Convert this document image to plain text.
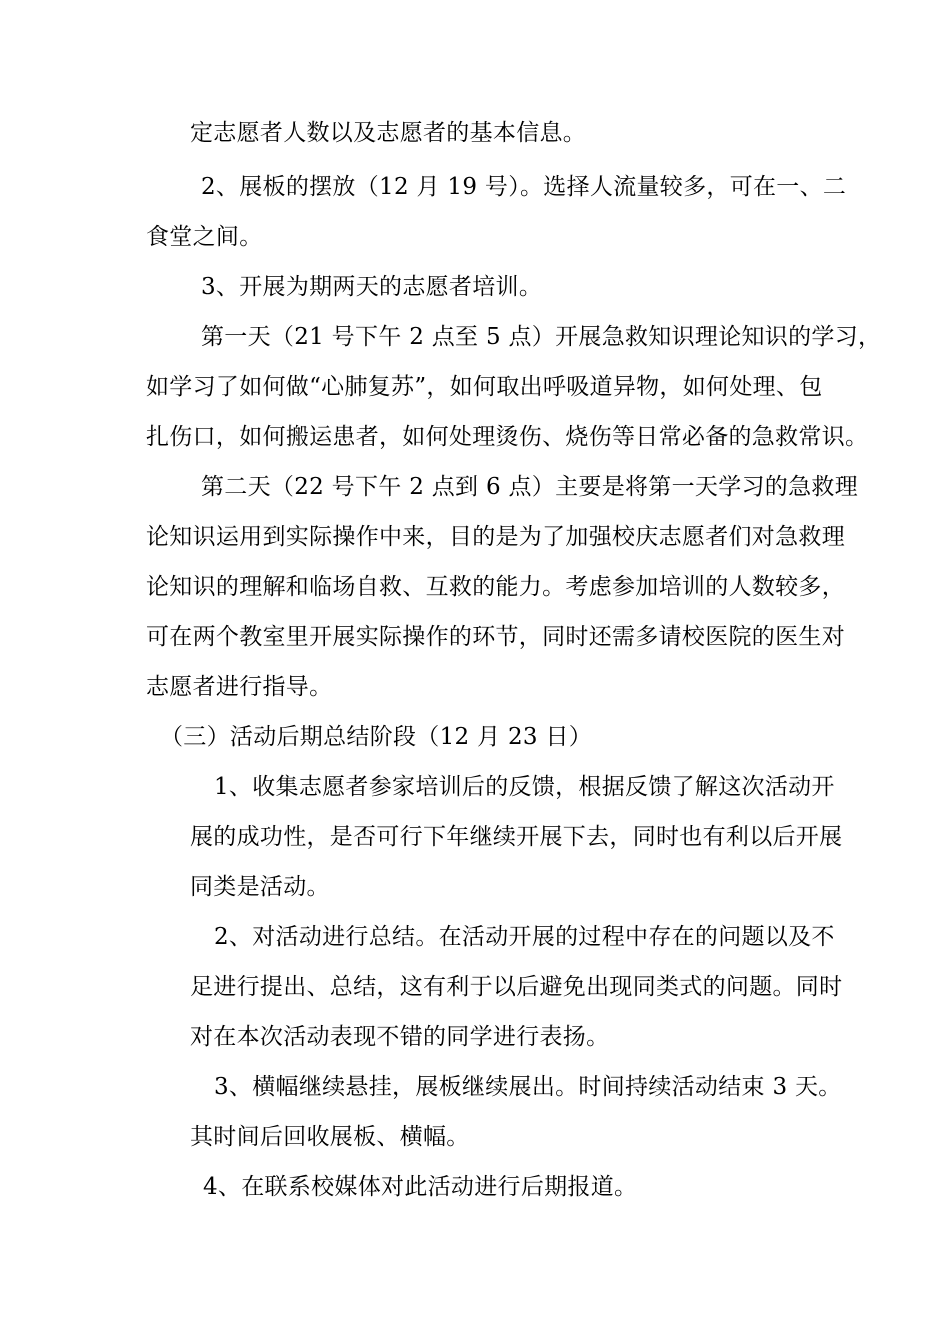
定志愿者人数以及志愿者的基本信息。
2、展板的摆放（12 月 19 号）。选择人流量较多，可在一、二
食堂之间。
3、开展为期两天的志愿者培训。
第一天（21 号下午 2 点至 5 点）开展急救知识理论知识的学习，
如学习了如何做“心肺复苏”，如何取出呼吸道异物，如何处理、包
扎伤口，如何搬运患者，如何处理烫伤、烧伤等日常必备的急救常识。
第二天（22 号下午 2 点到 6 点）主要是将第一天学习的急救理
论知识运用到实际操作中来，目的是为了加强校庆志愿者们对急救理
论知识的理解和临场自救、互救的能力。考虑参加培训的人数较多，
可在两个教室里开展实际操作的环节，同时还需多请校医院的医生对
志愿者进行指导。
（三）活动后期总结阶段（12 月 23 日）
1、收集志愿者参家培训后的反馈，根据反馈了解这次活动开
展的成功性，是否可行下年继续开展下去，同时也有利以后开展
同类是活动。
2、对活动进行总结。在活动开展的过程中存在的问题以及不
足进行提出、总结，这有利于以后避免出现同类式的问题。同时
对在本次活动表现不错的同学进行表扬。
3、横幅继续悬挂，展板继续展出。时间持续活动结束 3 天。
其时间后回收展板、横幅。
4、在联系校媒体对此活动进行后期报道。
